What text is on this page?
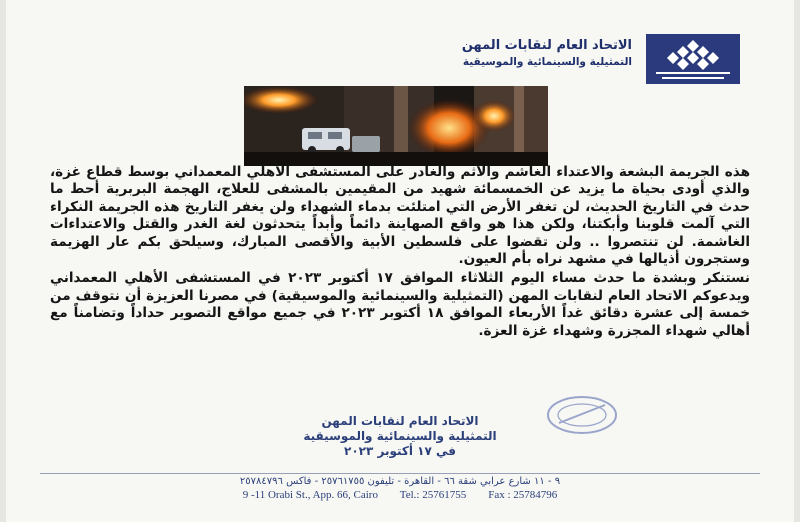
الاتحاد العام لنقابات المهن
التمثيلية والسينمائية والموسيقية

هذه الجريمة البشعة والاعتداء الغاشم والآثم والغادر على المستشفى الأهلي المعمداني بوسط قطاع غزة، والذي أودى بحياة ما يزيد عن الخمسمائة شهيد من المقيمين بالمشفى للعلاج، الهجمة البربرية أحط ما حدث في التاريخ الحديث، لن تغفر الأرض التي امتلئت بدماء الشهداء ولن يغفر التاريخ هذه الجريمة النكراء التي آلمت قلوبنا وأبكتنا، ولكن هذا هو واقع الصهاينة دائماً وأبداً يتحدثون لغة الغدر والقتل والاعتداءات الغاشمة. لن تنتصروا .. ولن تقضوا على فلسطين الأبية والأقصى المبارك، وسيلحق بكم عار الهزيمة وستجرون أذيالها في مشهد نراه بأم العيون.

نستنكر وبشدة ما حدث مساء اليوم الثلاثاء الموافق ١٧ أكتوبر ٢٠٢٣ في المستشفى الأهلي المعمداني ويدعوكم الاتحاد العام لنقابات المهن (التمثيلية والسينمائية والموسيقية) في مصرنا العزيزة أن نتوقف من خمسة إلى عشرة دقائق غداً الأربعاء الموافق ١٨ أكتوبر ٢٠٢٣ في جميع مواقع التصوير حداداً وتضامناً مع أهالي شهداء المجزرة وشهداء غزة العزة.

الاتحاد العام لنقابات المهن
التمثيلية والسينمائية والموسيقية
في ١٧ أكتوبر ٢٠٢٣
٩ - ١١ شارع عرابي شقة ٦٦ - القاهرة - تليفون ٢٥٧٦١٧٥٥ - فاكس ٢٥٧٨٤٧٩٦
9 -11 Orabi St., App. 66, Cairo        Tel.: 25761755        Fax : 25784796
